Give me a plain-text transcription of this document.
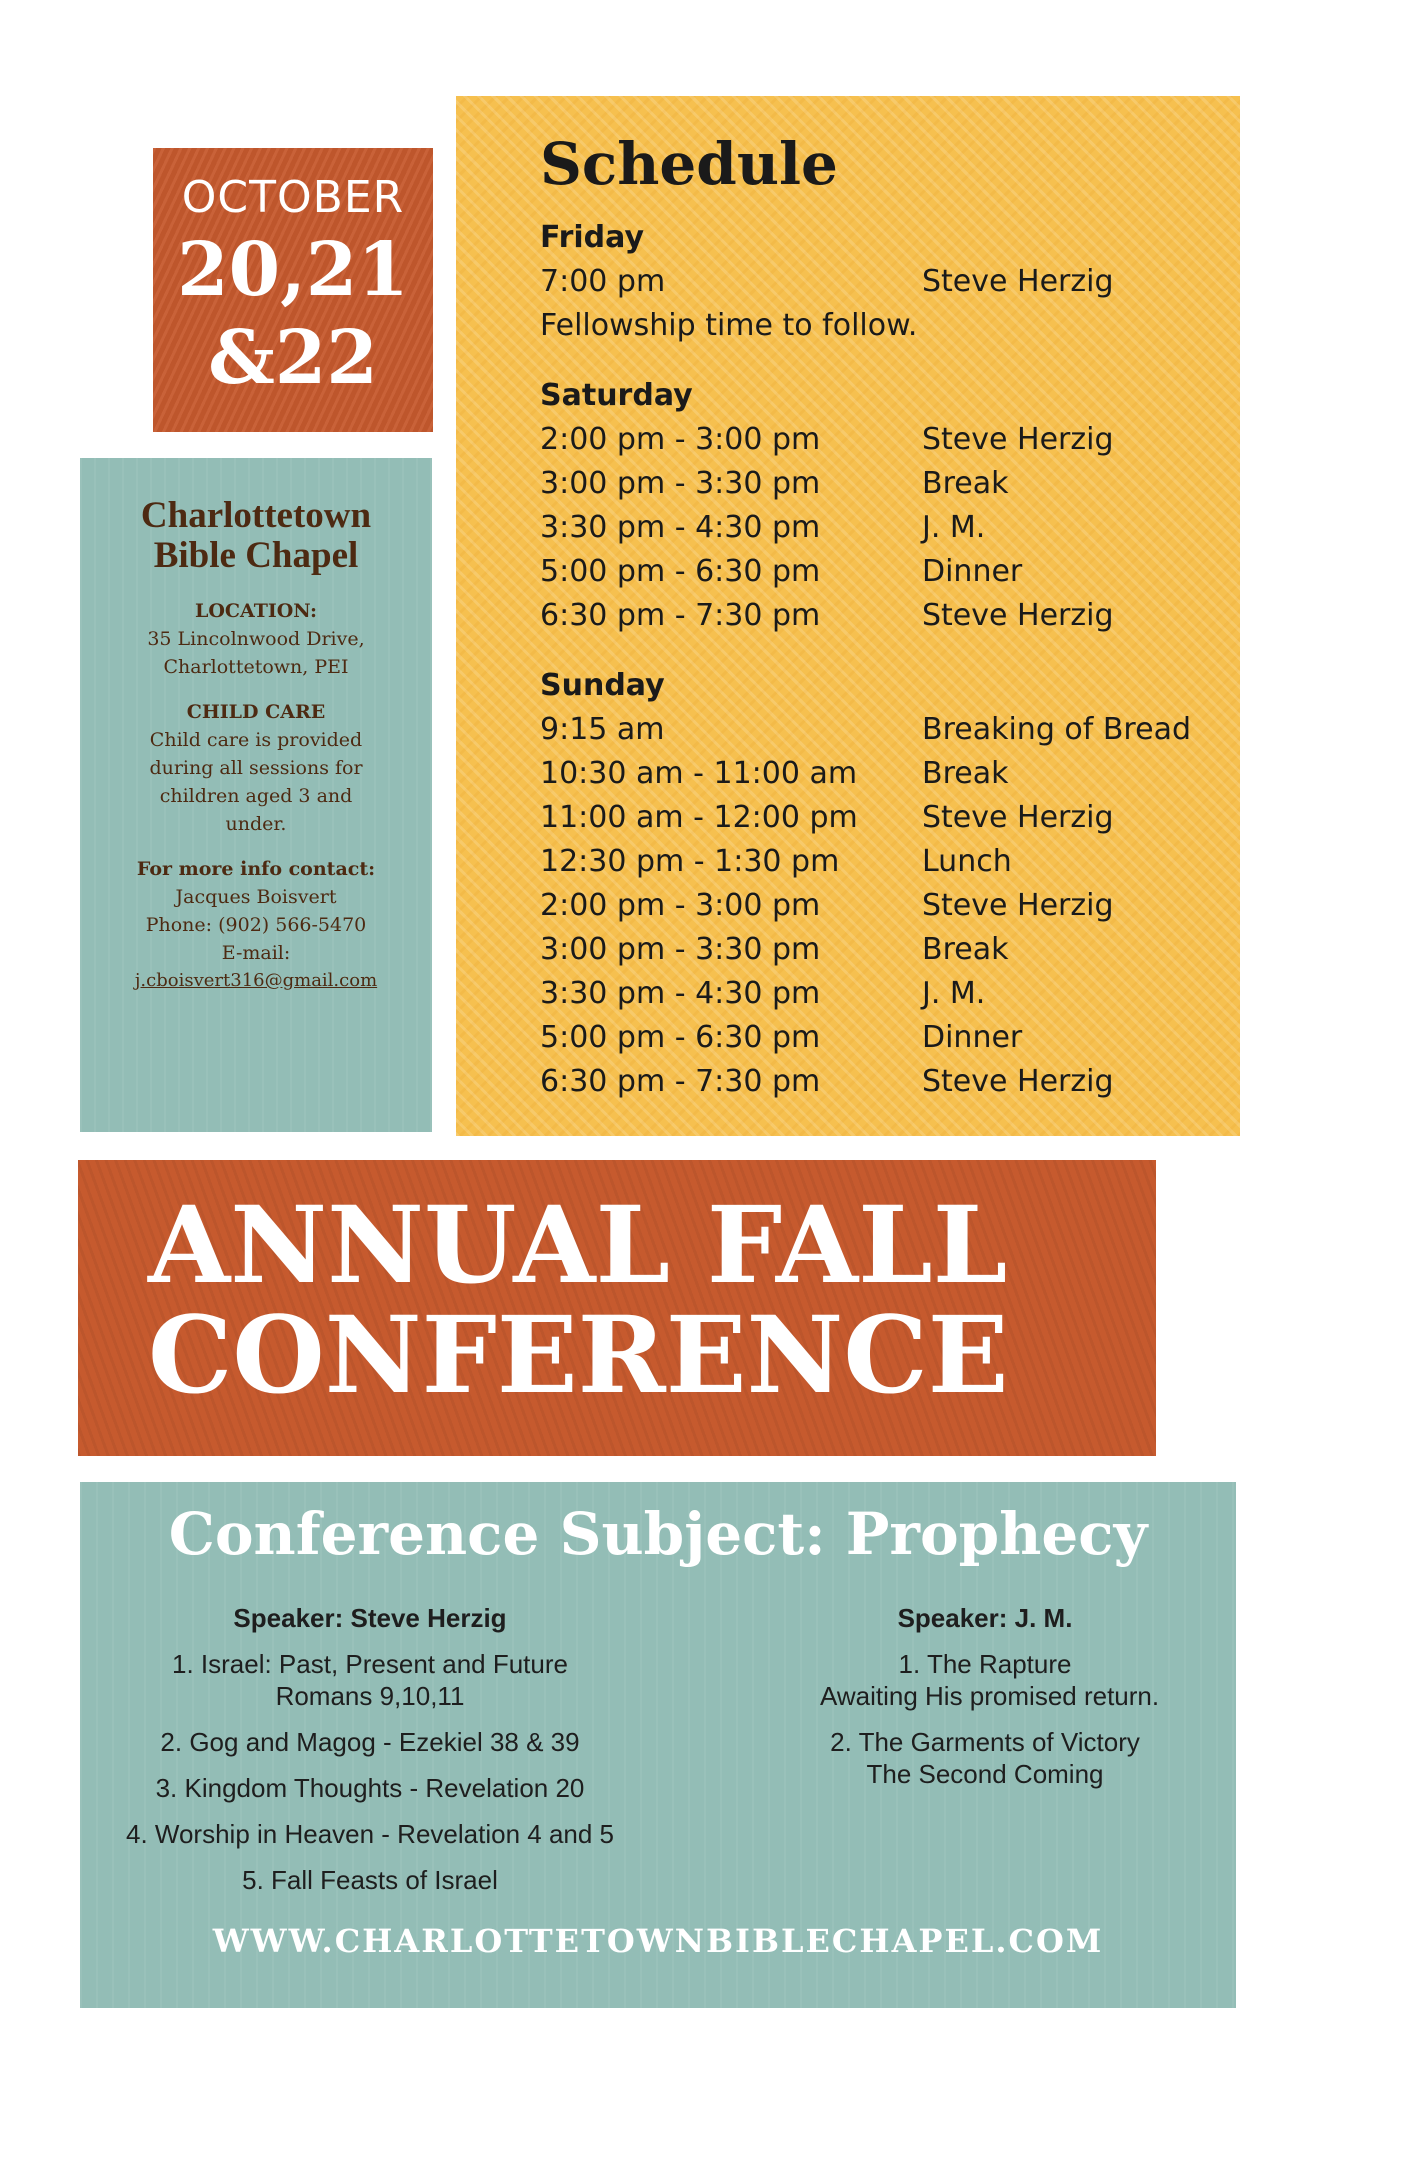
OCTOBER
20,21
&22
Charlottetown
Bible Chapel
LOCATION:
35 Lincolnwood Drive,
Charlottetown, PEI
CHILD CARE
Child care is provided
during all sessions for
children aged 3 and
under.
For more info contact:
Jacques Boisvert
Phone: (902) 566-5470
E-mail:
j.cboisvert316@gmail.com
Schedule
Friday
7:00 pm	Steve Herzig
Fellowship time to follow.
Saturday
2:00 pm - 3:00 pm	Steve Herzig
3:00 pm - 3:30 pm	Break
3:30 pm - 4:30 pm	J. M.
5:00 pm - 6:30 pm	Dinner
6:30 pm - 7:30 pm	Steve Herzig
Sunday
9:15 am	Breaking of Bread
10:30 am - 11:00 am Break
11:00 am - 12:00 pm Steve Herzig
12:30 pm - 1:30 pm	Lunch
2:00 pm - 3:00 pm	Steve Herzig
3:00 pm - 3:30 pm	Break
3:30 pm - 4:30 pm	J. M.
5:00 pm - 6:30 pm	Dinner
6:30 pm - 7:30 pm	Steve Herzig
ANNUAL FALL
CONFERENCE
Conference Subject: Prophecy
Speaker: Steve Herzig
1. Israel: Past, Present and Future
Romans 9,10,11
2. Gog and Magog - Ezekiel 38 & 39
3. Kingdom Thoughts - Revelation 20
4. Worship in Heaven - Revelation 4 and 5
5. Fall Feasts of Israel
Speaker: J. M.
1. The Rapture
Awaiting His promised return.
2. The Garments of Victory
The Second Coming
WWW.CHARLOTTETOWNBIBLECHAPEL.COM
